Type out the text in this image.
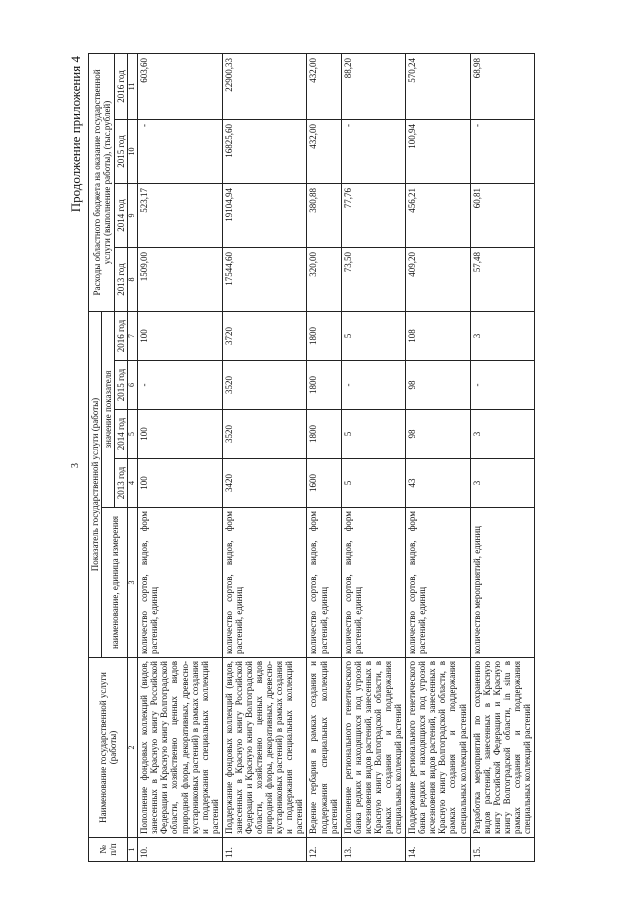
3
Продолжение приложения 4
№ п/п	Наименование государственной услуги (работы)	Показатель государственной услуги (работы)					Расходы областного бюджета на оказание государственной услуги (выполнение работы), (тыс.рублей)			
		наименование, единица измерения	значение показателя							
			2013 год	2014 год	2015 год	2016 год	2013 год	2014 год	2015 год	2016 год
1	2	3	4	5	6	7	8	9	10	11
10.	Пополнение фондовых коллекций (видов, занесенных в Красную книгу Российской Федерации и Красную книгу Волгоградской области, хозяйственно ценных видов природной флоры, декоративных, древесно-кустарниковых растений) в рамках создания и поддержания специальных коллекций растений	количество сортов, видов, форм растений, единиц	100	100	-	100	1509,00	523,17	-	603,60
11.	Поддержание фондовых коллекций (видов, занесенных в Красную книгу Российской Федерации и Красную книгу Волгоградской области, хозяйственно ценных видов природной флоры, декоративных, древесно-кустарниковых растений) в рамках создания и поддержания специальных коллекций растений	количество сортов, видов, форм растений, единиц	3420	3520	3520	3720	17544,60	19104,94	16825,60	22900,33
12.	Ведение гербария в рамках создания и поддержания специальных коллекций растений	количество сортов, видов, форм растений, единиц	1600	1800	1800	1800	320,00	380,88	432,00	432,00
13.	Пополнение регионального генетического банка редких и находящихся под угрозой исчезновения видов растений, занесенных в Красную книгу Волгоградской области, в рамках создания и поддержания специальных коллекций растений	количество сортов, видов, форм растений, единиц	5	5	-	5	73,50	77,76	-	88,20
14.	Поддержание регионального генетического банка редких и находящихся под угрозой исчезновения видов растений, занесенных в Красную книгу Волгоградской области, в рамках создания и поддержания специальных коллекций растений	количество сортов, видов, форм растений, единиц	43	98	98	108	409,20	456,21	100,94	570,24
15.	Разработка мероприятий по сохранению видов растений, занесенных в Красную книгу Российской Федерации и Красную книгу Волгоградской области, in situ в рамках создания и поддержания специальных коллекций растений	количество мероприятий, единиц	3	3	-	3	57,48	60,81	-	68,98
